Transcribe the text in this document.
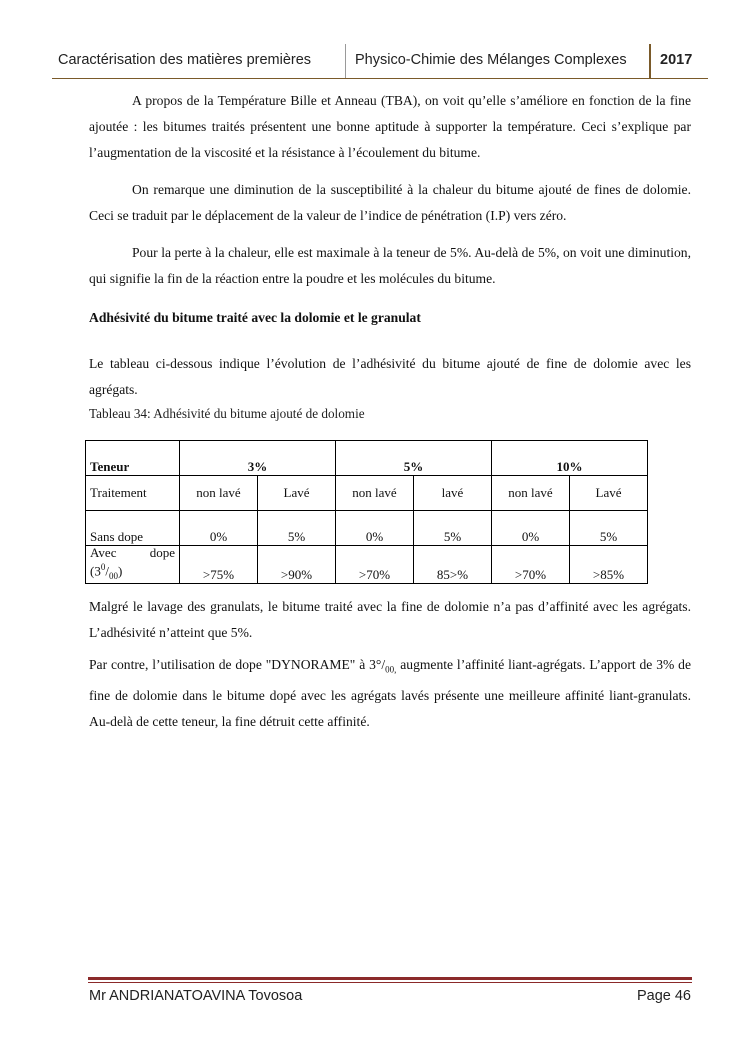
Caractérisation des matières premières	Physico-Chimie des Mélanges Complexes 2017

A propos de la Température Bille et Anneau (TBA), on voit qu’elle s’améliore en fonction de la fine ajoutée : les bitumes traités présentent une bonne aptitude à supporter la température. Ceci s’explique par l’augmentation de la viscosité et la résistance à l’écoulement du bitume.

On remarque une diminution de la susceptibilité à la chaleur du bitume ajouté de fines de dolomie. Ceci se traduit par le déplacement de la valeur de l’indice de pénétration (I.P) vers zéro.

Pour la perte à la chaleur, elle est maximale à la teneur de 5%. Au-delà de 5%, on voit une diminution, qui signifie la fin de la réaction entre la poudre et les molécules du bitume.

Adhésivité du bitume traité avec la dolomie et le granulat

Le tableau ci-dessous indique l’évolution de l’adhésivité du bitume ajouté de fine de dolomie avec les agrégats.

Tableau 34: Adhésivité du bitume ajouté de dolomie

Teneur	3%		5%		10%	
Traitement	non lavé	Lavé	non lavé	lavé	non lavé	Lavé
Sans dope	0%	5%	0%	5%	0%	5%

Avec dope
$(3^0/_{00})$	>75%	>90%	>70%	85>%	>70%	>85%

Malgré le lavage des granulats, le bitume traité avec la fine de dolomie n’a pas d’affinité avec les agrégats. L’adhésivité n’atteint que 5%.

Par contre, l’utilisation de dope "DYNORAME" à $3^\circ/_{00,}$ augmente l’affinité liant-agrégats. L’apport de 3% de fine de dolomie dans le bitume dopé avec les agrégats lavés présente une meilleure affinité liant-granulats. Au-delà de cette teneur, la fine détruit cette affinité.

Mr ANDRIANATOAVINA Tovosoa	Page 46
